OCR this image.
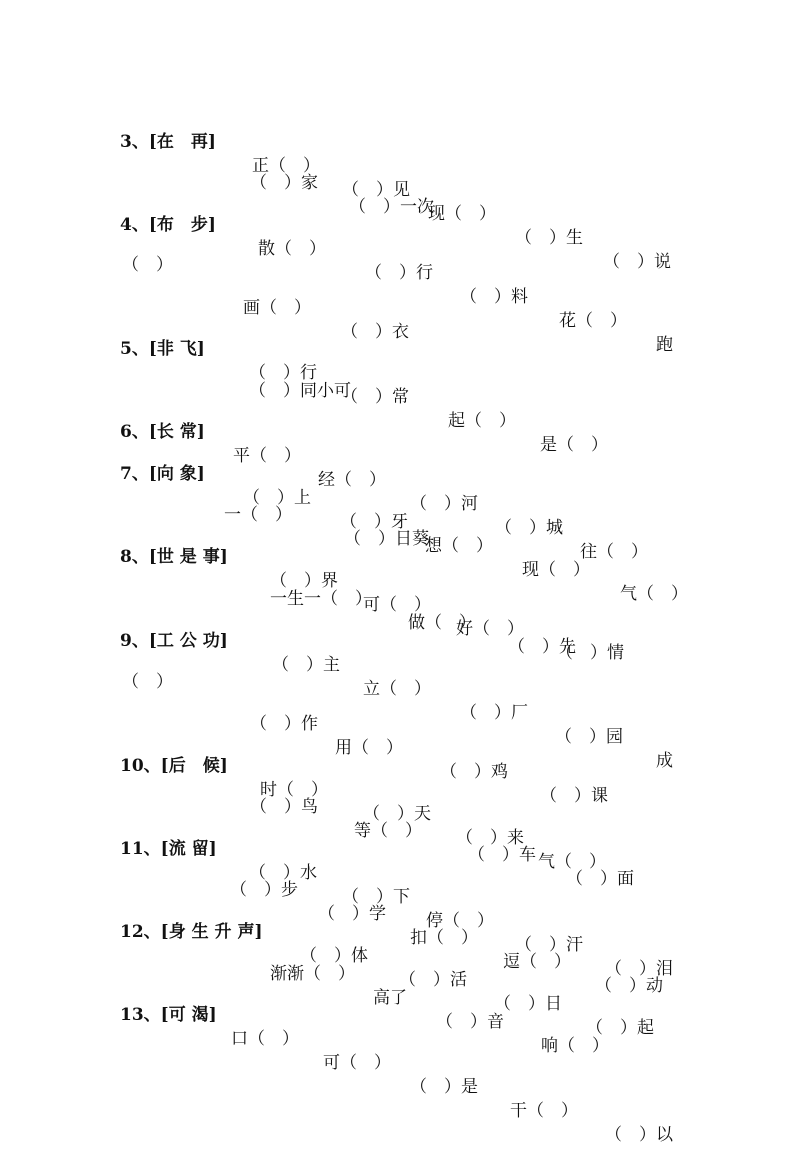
3、[在　再]

正（　）

（　）见

现（　）

（　）生

（　）说

（　）家

（　）一次

4、[布　步]

散（　）

（　）行

（　）料

花（　）

跑

（　）

画（　）

（　）衣

5、[非 飞]

（　）行

（　）常

起（　）

是（　）

（　）同小可

6、[长 常]

平（　）

经（　）

（　）河

（　）城

往（　）

7、[向 象]

（　）上

（　）牙

想（　）

现（　）

气（　）

一（　）

（　）日葵

8、[世 是 事]

（　）界

可（　）

好（　）

（　）情

一生一（　）

做（　）

（　）先

9、[工 公 功]

（　）主

立（　）

（　）厂

（　）园

成

（　）

（　）作

用（　）

（　）鸡

（　）课

10、[后　候]

时（　）

（　）天

（　）来

气（　）

（　）鸟

等（　）

（　）车

（　）面

11、[流 留]

（　）水

（　）下

停（　）

（　）汗

（　）泪

（　）步

（　）学

扣（　）

逗（　）

（　）动

12、[身 生 升 声]

（　）体

（　）活

（　）日

（　）起

渐渐（　）

高了

（　）音

响（　）

13、[可 渴]

口（　）

可（　）

（　）是

干（　）

（　）以
